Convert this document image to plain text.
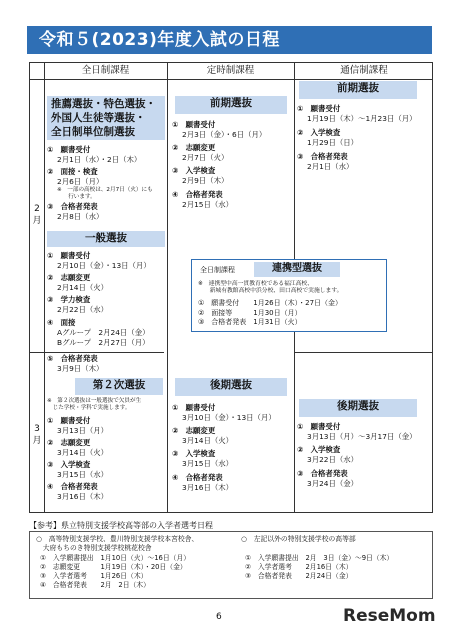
令和５(2023)年度入試の日程
全日制課程	定時制課程	通信制課程
2
月
3
月
推薦選抜・特色選抜・
外国人生徒等選抜・
全日制単位制選抜
①　願書受付
2月1日（水）・2日（木）
②　面接・検査
2月6日（月）
※　一部の高校は、2月7日（火）にも
　　行います。
③　合格者発表
2月8日（水）
一般選抜
①　願書受付
2月10日（金）・13日（月）
②　志願変更
2月14日（火）
③　学力検査
2月22日（水）
④　面接
Aグループ　2月24日（金）
Bグループ　2月27日（月）
⑤　合格者発表
3月9日（木）
第２次選抜
※　第２次選抜は一般選抜で欠員が生
　じた学校・学科で実施します。
①　願書受付
3月13日（月）
②　志願変更
3月14日（火）
③　入学検査
3月15日（水）
④　合格者発表
3月16日（木）
前期選抜
①　願書受付
2月3日（金）・6日（月）
②　志願変更
2月7日（火）
③　入学検査
2月9日（木）
④　合格者発表
2月15日（水）
後期選抜
①　願書受付
3月10日（金）・13日（月）
②　志願変更
3月14日（火）
③　入学検査
3月15日（水）
④　合格者発表
3月16日（木）
前期選抜
①　願書受付
1月19日（木）～1月23日（月）
②　入学検査
1月29日（日）
③　合格者発表
2月1日（水）
後期選抜
①　願書受付
3月13日（月）～3月17日（金）
②　入学検査
3月22日（水）
③　合格者発表
3月24日（金）
全日制課程	連携型選抜
※　連携型中高一貫教育校である福江高校、
　　新城有教館高校中浜分校、田口高校で実施します。
①　願書受付　　1月26日（木）・27日（金）
②　面接等　　　1月30日（月）
③　合格者発表　1月31日（火）
【参考】県立特別支援学校高等部の入学者選考日程
○　高等特別支援学校、豊川特別支援学校本宮校舎、
　大府もちのき特別支援学校桃花校舎
①　入学願書提出　1月10日（火）～16日（月）
②　志願変更　　　1月19日（木）・20日（金）
③　入学者選考　　1月26日（木）
④　合格者発表　　2月　2日（木）
○　左記以外の特別支援学校の高等部
①　入学願書提出　2月　3日（金）～9日（木）
②　入学者選考　　2月16日（木）
③　合格者発表　　2月24日（金）
6	ReseMom
